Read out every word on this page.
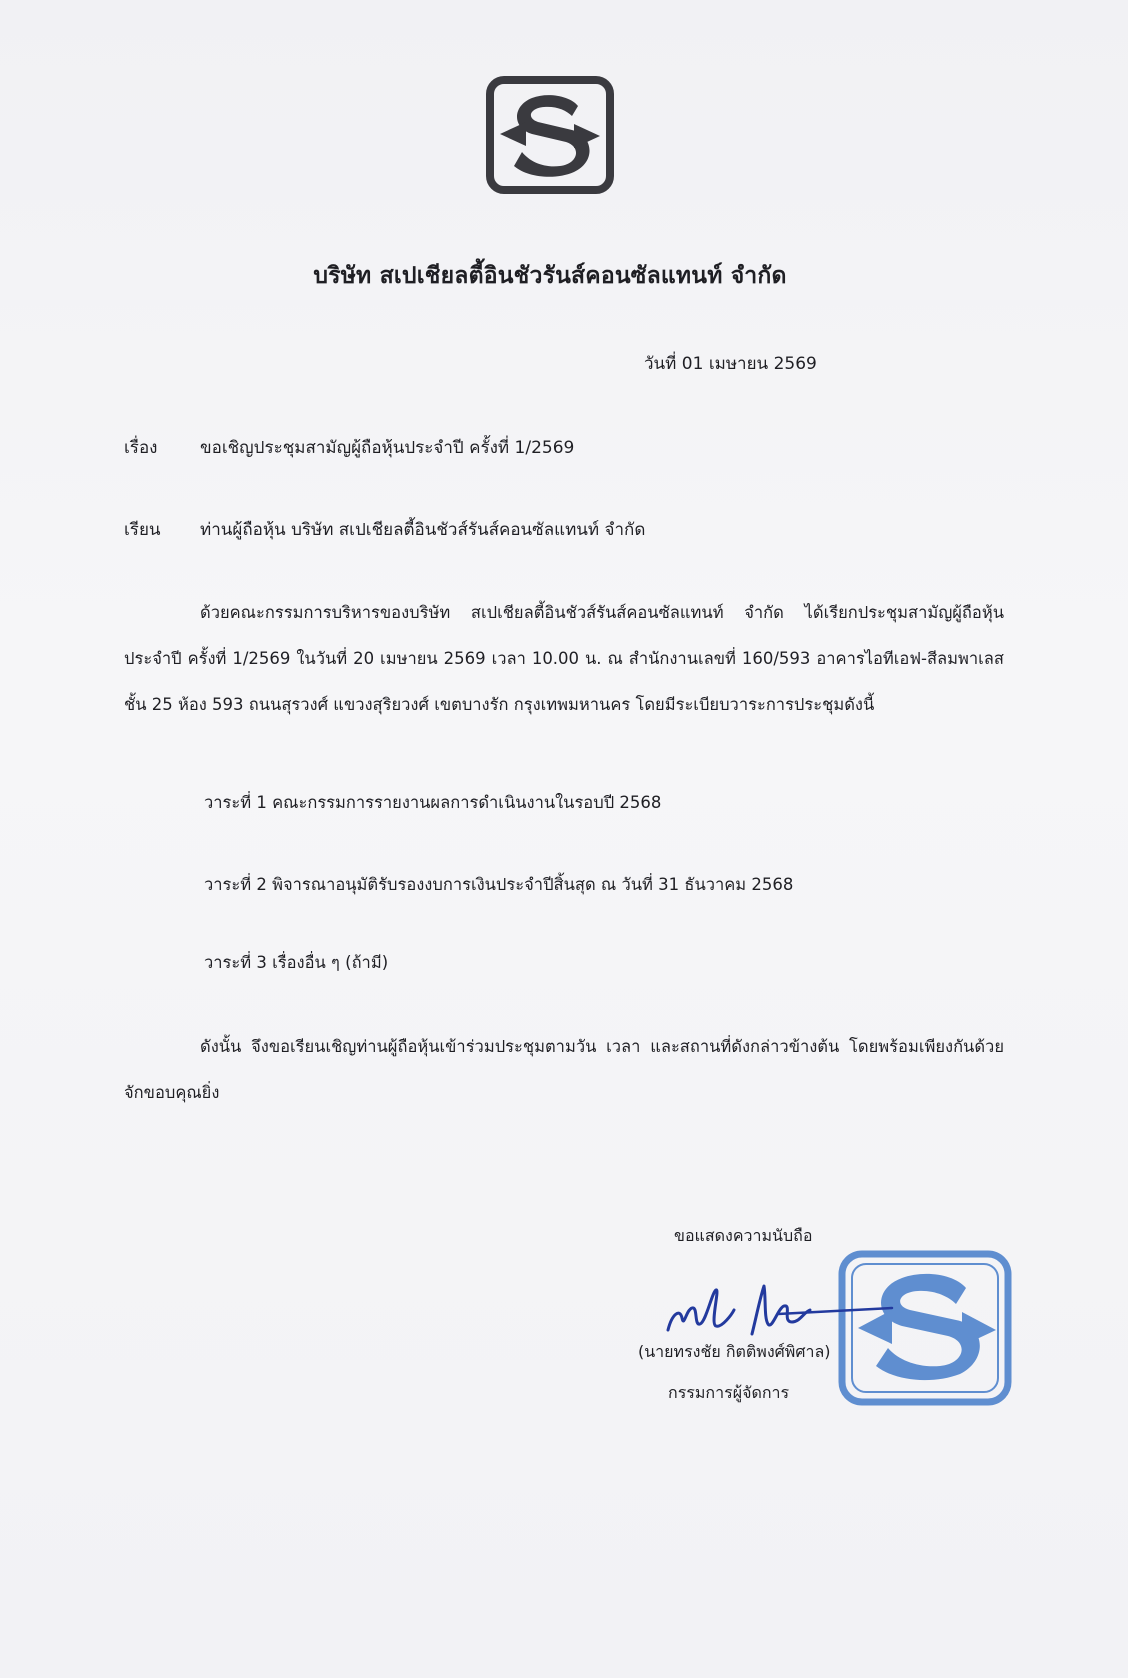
บริษัท สเปเชียลตี้อินชัวรันส์คอนซัลแทนท์ จำกัด
วันที่ 01 เมษายน 2569
เรื่อง	ขอเชิญประชุมสามัญผู้ถือหุ้นประจำปี ครั้งที่ 1/2569
เรียน ท่านผู้ถือหุ้น บริษัท สเปเชียลตี้อินชัวส์รันส์คอนซัลแทนท์ จำกัด
ด้วยคณะกรรมการบริหารของบริษัท สเปเชียลตี้อินชัวส์รันส์คอนซัลแทนท์ จำกัด ได้เรียกประชุมสามัญผู้ถือหุ้นประจำปี ครั้งที่ 1/2569 ในวันที่ 20 เมษายน 2569 เวลา 10.00 น. ณ สำนักงานเลขที่ 160/593 อาคารไอทีเอฟ-สีลมพาเลส ชั้น 25 ห้อง 593 ถนนสุรวงศ์ แขวงสุริยวงศ์ เขตบางรัก กรุงเทพมหานคร โดยมีระเบียบวาระการประชุมดังนี้
วาระที่ 1 คณะกรรมการรายงานผลการดำเนินงานในรอบปี 2568
วาระที่ 2 พิจารณาอนุมัติรับรองงบการเงินประจำปีสิ้นสุด ณ วันที่ 31 ธันวาคม 2568
วาระที่ 3 เรื่องอื่น ๆ (ถ้ามี)
ดังนั้น จึงขอเรียนเชิญท่านผู้ถือหุ้นเข้าร่วมประชุมตามวัน เวลา และสถานที่ดังกล่าวข้างต้น โดยพร้อมเพียงกันด้วย จักขอบคุณยิ่ง
ขอแสดงความนับถือ
(นายทรงชัย กิตติพงศ์พิศาล)
กรรมการผู้จัดการ
